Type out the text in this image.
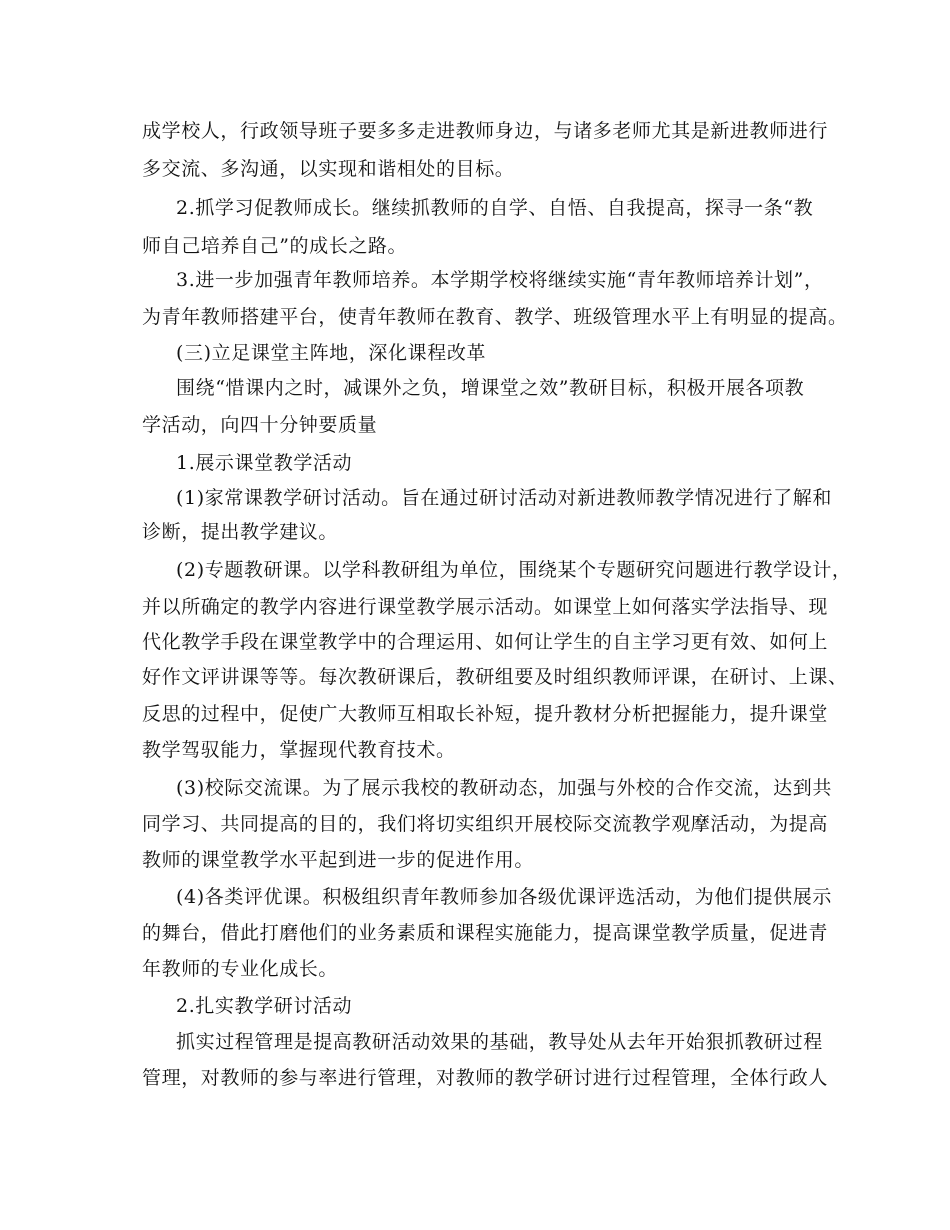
成学校人，行政领导班子要多多走进教师身边，与诸多老师尤其是新进教师进行
多交流、多沟通，以实现和谐相处的目标。
2.抓学习促教师成长。继续抓教师的自学、自悟、自我提高，探寻一条“教
师自己培养自己”的成长之路。
3.进一步加强青年教师培养。本学期学校将继续实施“青年教师培养计划”，
为青年教师搭建平台，使青年教师在教育、教学、班级管理水平上有明显的提高。
(三)立足课堂主阵地，深化课程改革
围绕“惜课内之时，减课外之负，增课堂之效”教研目标，积极开展各项教
学活动，向四十分钟要质量
1.展示课堂教学活动
(1)家常课教学研讨活动。旨在通过研讨活动对新进教师教学情况进行了解和
诊断，提出教学建议。
(2)专题教研课。以学科教研组为单位，围绕某个专题研究问题进行教学设计，
并以所确定的教学内容进行课堂教学展示活动。如课堂上如何落实学法指导、现
代化教学手段在课堂教学中的合理运用、如何让学生的自主学习更有效、如何上
好作文评讲课等等。每次教研课后，教研组要及时组织教师评课，在研讨、上课、
反思的过程中，促使广大教师互相取长补短，提升教材分析把握能力，提升课堂
教学驾驭能力，掌握现代教育技术。
(3)校际交流课。为了展示我校的教研动态，加强与外校的合作交流，达到共
同学习、共同提高的目的，我们将切实组织开展校际交流教学观摩活动，为提高
教师的课堂教学水平起到进一步的促进作用。
(4)各类评优课。积极组织青年教师参加各级优课评选活动，为他们提供展示
的舞台，借此打磨他们的业务素质和课程实施能力，提高课堂教学质量，促进青
年教师的专业化成长。
2.扎实教学研讨活动
抓实过程管理是提高教研活动效果的基础，教导处从去年开始狠抓教研过程
管理，对教师的参与率进行管理，对教师的教学研讨进行过程管理，全体行政人
